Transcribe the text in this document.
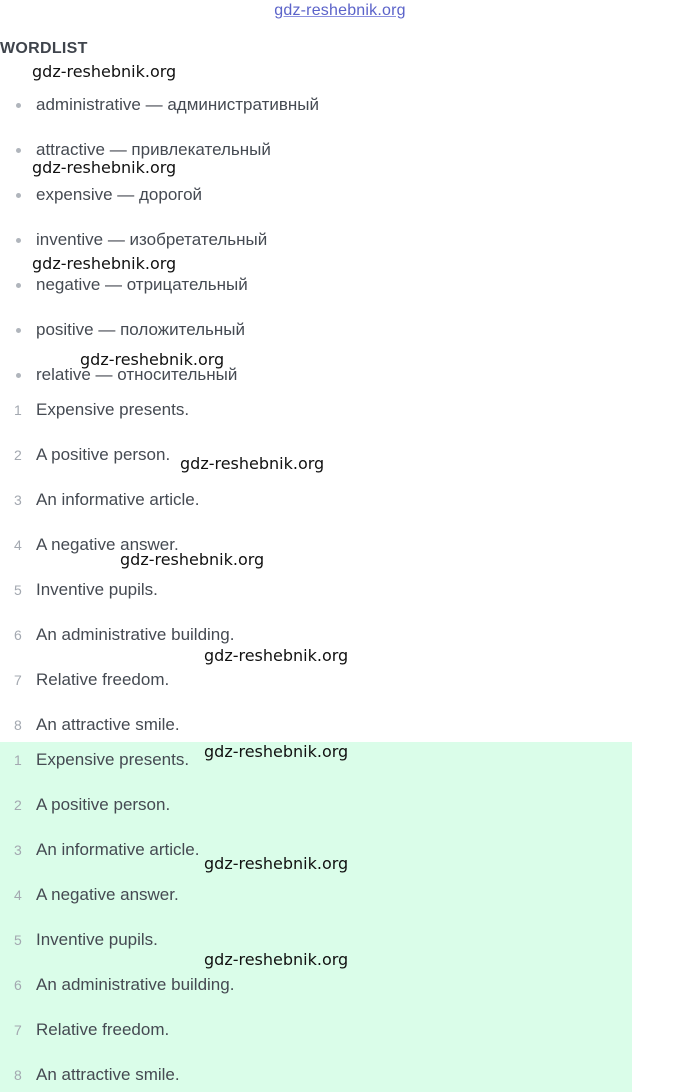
gdz-reshebnik.org
WORDLIST
administrative — административный
attractive — привлекательный
expensive — дорогой
inventive — изобретательный
negative — отрицательный
positive — положительный
relative — относительный
1 Expensive presents.
2 A positive person.
3 An informative article.
4 A negative answer.
5 Inventive pupils.
6 An administrative building.
7 Relative freedom.
8 An attractive smile.
1 Expensive presents.
2 A positive person.
3 An informative article.
4 A negative answer.
5 Inventive pupils.
6 An administrative building.
7 Relative freedom.
8 An attractive smile.
gdz-reshebnik.org
gdz-reshebnik.org
gdz-reshebnik.org
gdz-reshebnik.org
gdz-reshebnik.org
gdz-reshebnik.org
gdz-reshebnik.org
gdz-reshebnik.org
gdz-reshebnik.org
gdz-reshebnik.org
